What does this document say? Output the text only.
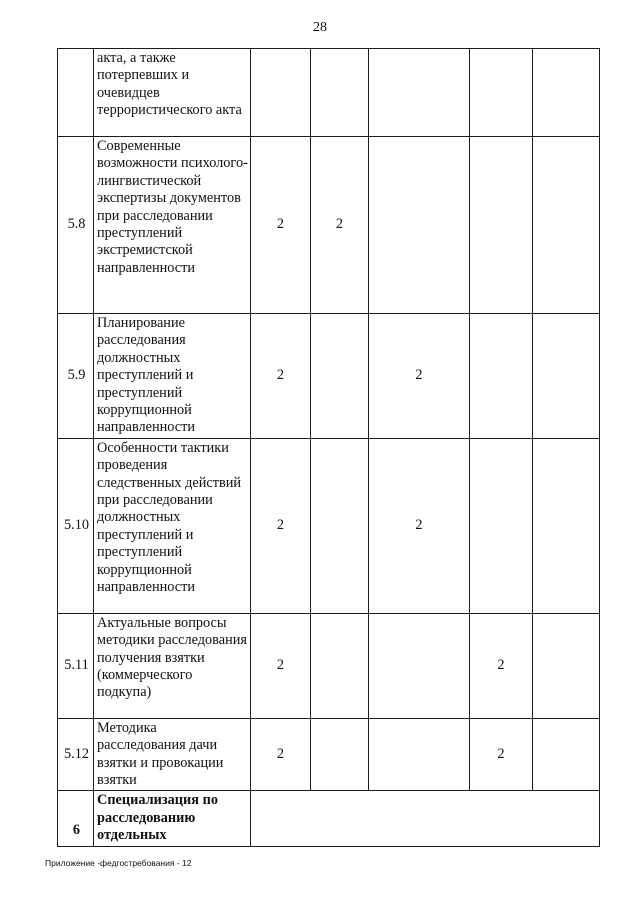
28
	акта, а также потерпевших и очевидцев террористического акта					
5.8	Современные возможности психолого-лингвистической экспертизы документов при расследовании преступлений экстремистской направленности	2	2			
5.9	Планирование расследования должностных преступлений и преступлений коррупционной направленности	2		2		
5.10	Особенности тактики проведения следственных действий при расследовании должностных преступлений и преступлений коррупционной направленности	2		2		
5.11	Актуальные вопросы методики расследования получения взятки (коммерческого подкупа)	2			2	
5.12	Методика расследования дачи взятки и провокации взятки	2			2	
6	Специализация по расследованию отдельных					
Приложение -федгостребования - 12
